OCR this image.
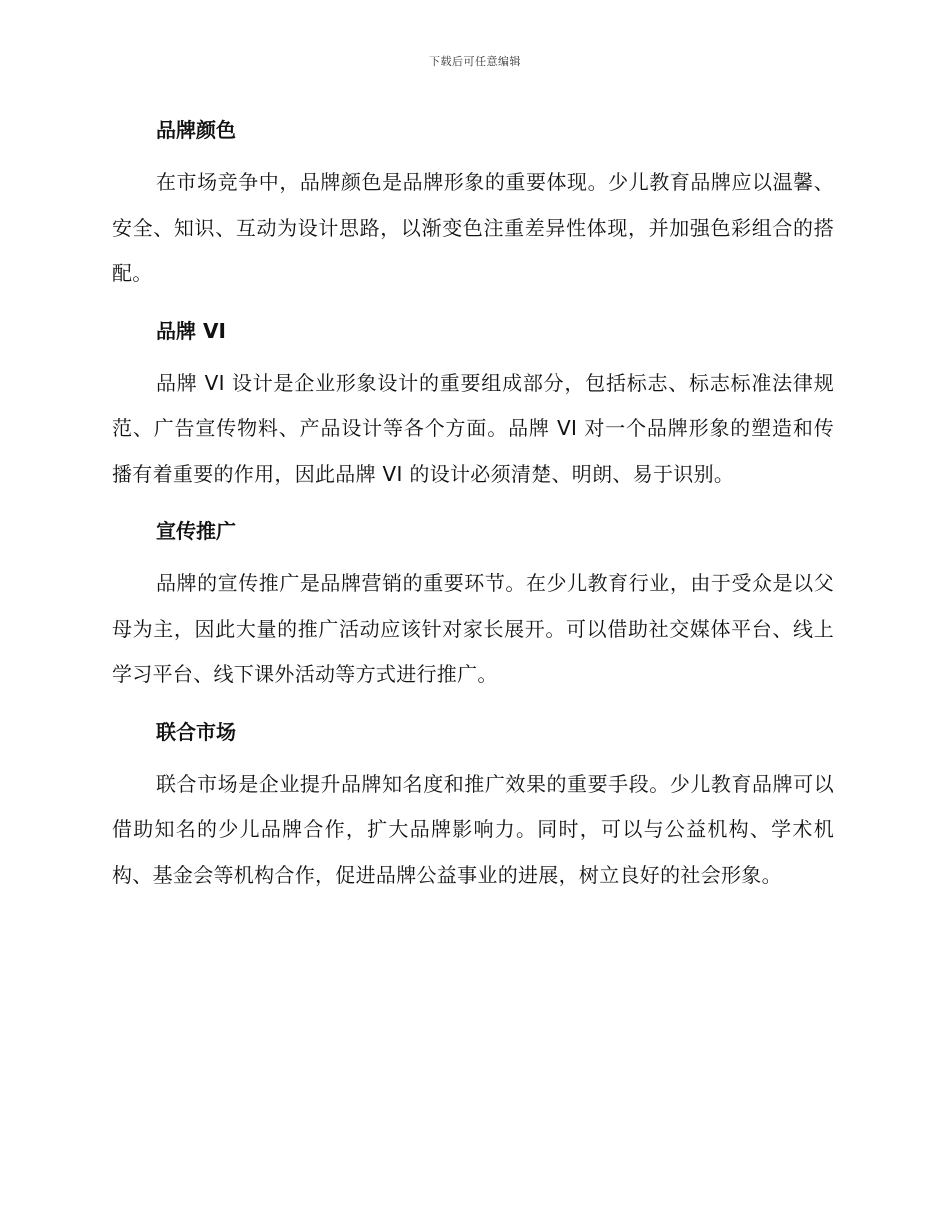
下载后可任意编辑
品牌颜色

在市场竞争中，品牌颜色是品牌形象的重要体现。少儿教育品牌应以温馨、安全、知识、互动为设计思路，以渐变色注重差异性体现，并加强色彩组合的搭配。

品牌 VI

品牌 VI 设计是企业形象设计的重要组成部分，包括标志、标志标准法律规范、广告宣传物料、产品设计等各个方面。品牌 VI 对一个品牌形象的塑造和传播有着重要的作用，因此品牌 VI 的设计必须清楚、明朗、易于识别。

宣传推广

品牌的宣传推广是品牌营销的重要环节。在少儿教育行业，由于受众是以父母为主，因此大量的推广活动应该针对家长展开。可以借助社交媒体平台、线上学习平台、线下课外活动等方式进行推广。

联合市场

联合市场是企业提升品牌知名度和推广效果的重要手段。少儿教育品牌可以借助知名的少儿品牌合作，扩大品牌影响力。同时，可以与公益机构、学术机构、基金会等机构合作，促进品牌公益事业的进展，树立良好的社会形象。
